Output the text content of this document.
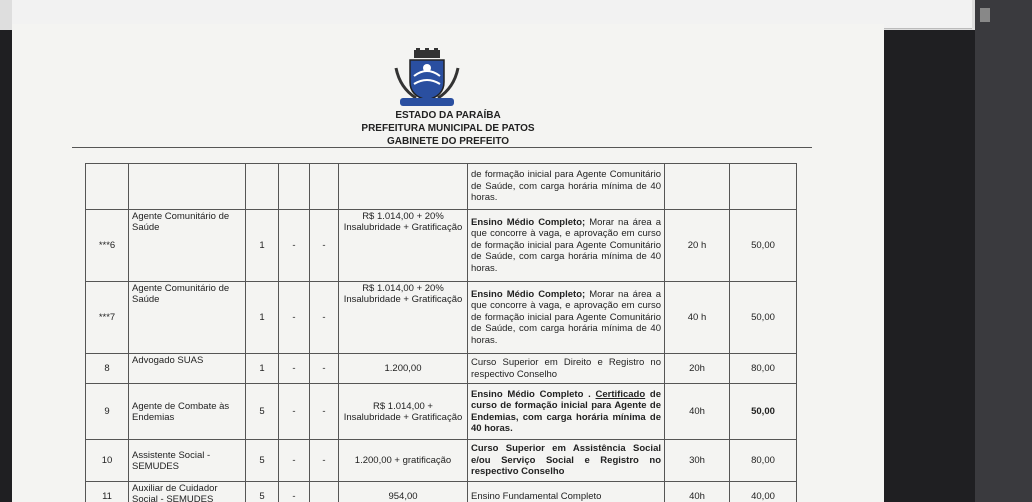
ESTADO DA PARAÍBA
PREFEITURA MUNICIPAL DE PATOS
GABINETE DO PREFEITO
						de formação inicial para Agente Comunitário de Saúde, com carga horária mínima de 40 horas.		
***6	Agente Comunitário de Saúde	1	-	-	R$ 1.014,00 + 20%
Insalubridade + Gratificação	Ensino Médio Completo; Morar na área a que concorre à vaga, e aprovação em curso de formação inicial para Agente Comunitário de Saúde, com carga horária mínima de 40 horas.	20 h	50,00
***7	Agente Comunitário de Saúde	1	-	-	R$ 1.014,00 + 20%
Insalubridade + Gratificação	Ensino Médio Completo; Morar na área a que concorre à vaga, e aprovação em curso de formação inicial para Agente Comunitário de Saúde, com carga horária mínima de 40 horas.	40 h	50,00
8	Advogado SUAS	1	-	-	1.200,00	Curso Superior em Direito e Registro no respectivo Conselho	20h	80,00
9	Agente de Combate às Endemias	5	-	-	R$ 1.014,00 +
Insalubridade + Gratificação	Ensino Médio Completo . Certificado de curso de formação inicial para Agente de Endemias, com carga horária mínima de 40 horas.	40h	50,00
10	Assistente Social - SEMUDES	5	-	-	1.200,00 + gratificação	Curso Superior em Assistência Social e/ou Serviço Social e Registro no respectivo Conselho	30h	80,00
11	Auxiliar de Cuidador Social - SEMUDES	5	-		954,00	Ensino Fundamental Completo	40h	40,00
